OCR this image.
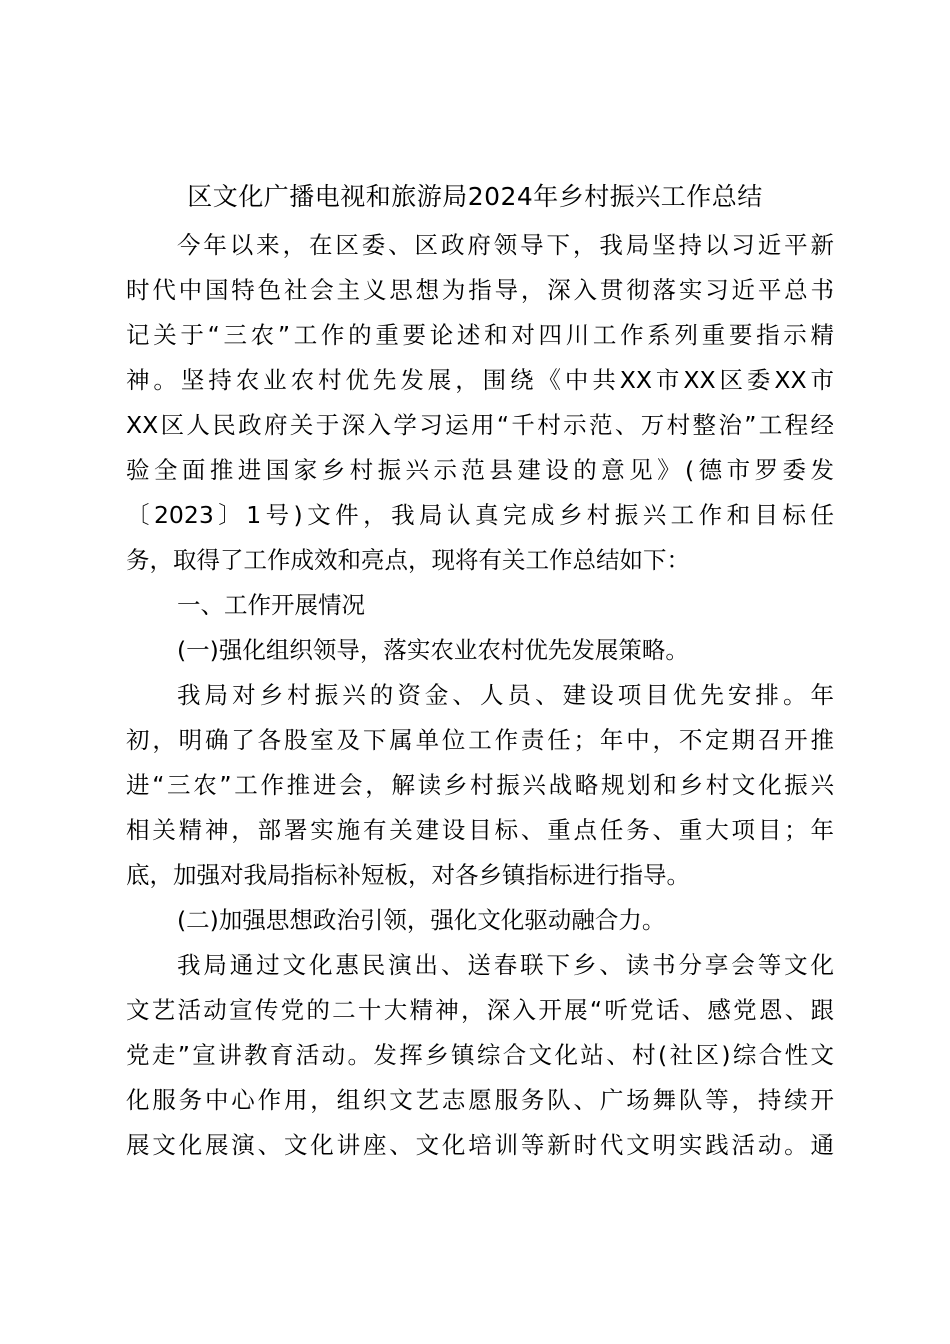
区文化广播电视和旅游局2024年乡村振兴工作总结
今年以来，在区委、区政府领导下，我局坚持以习近平新
时代中国特色社会主义思想为指导，深入贯彻落实习近平总书
记关于“三农”工作的重要论述和对四川工作系列重要指示精
神。坚持农业农村优先发展，围绕《中共XX市XX区委XX市
XX区人民政府关于深入学习运用“千村示范、万村整治”工程经
验全面推进国家乡村振兴示范县建设的意见》(德市罗委发
〔2023〕1号)文件，我局认真完成乡村振兴工作和目标任
务，取得了工作成效和亮点，现将有关工作总结如下：
一、工作开展情况
(一)强化组织领导，落实农业农村优先发展策略。
我局对乡村振兴的资金、人员、建设项目优先安排。年
初，明确了各股室及下属单位工作责任；年中，不定期召开推
进“三农”工作推进会，解读乡村振兴战略规划和乡村文化振兴
相关精神，部署实施有关建设目标、重点任务、重大项目；年
底，加强对我局指标补短板，对各乡镇指标进行指导。
(二)加强思想政治引领，强化文化驱动融合力。
我局通过文化惠民演出、送春联下乡、读书分享会等文化
文艺活动宣传党的二十大精神，深入开展“听党话、感党恩、跟
党走”宣讲教育活动。发挥乡镇综合文化站、村(社区)综合性文
化服务中心作用，组织文艺志愿服务队、广场舞队等，持续开
展文化展演、文化讲座、文化培训等新时代文明实践活动。通
